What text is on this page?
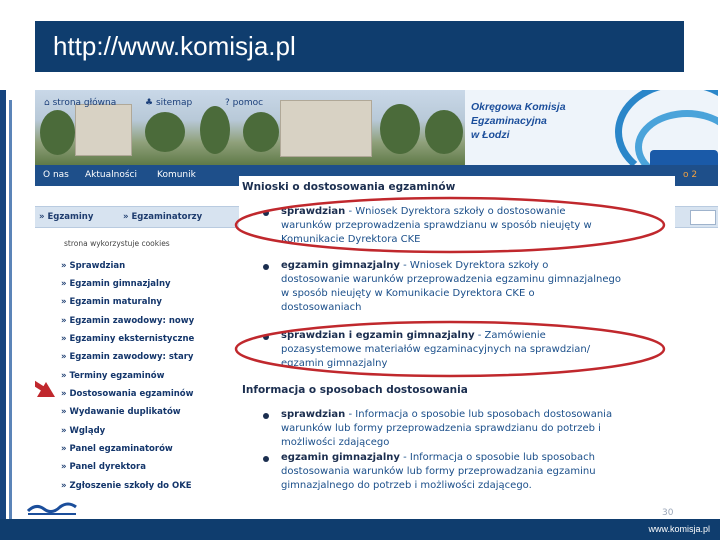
http://www.komisja.pl
⌂ strona główna	♣ sitemap	? pomoc	Okręgowa Komisja
Egzaminacyjna
w Łodzi
O nas Aktualności Komunik	o 2
» Egzaminy	» Egzaminatorzy
strona wykorzystuje cookies
» Sprawdzian
» Egzamin gimnazjalny
» Egzamin maturalny
» Egzamin zawodowy: nowy
» Egzaminy eksternistyczne
» Egzamin zawodowy: stary
» Terminy egzaminów
» Dostosowania egzaminów
» Wydawanie duplikatów
» Wglądy
» Panel egzaminatorów
» Panel dyrektora
» Zgłoszenie szkoły do OKE
Wnioski o dostosowania egzaminów
sprawdzian - Wniosek Dyrektora szkoły o dostosowanie
warunków przeprowadzenia sprawdzianu w sposób nieujęty w
Komunikacie Dyrektora CKE
egzamin gimnazjalny - Wniosek Dyrektora szkoły o
dostosowanie warunków przeprowadzenia egzaminu gimnazjalnego
w sposób nieujęty w Komunikacie Dyrektora CKE o
dostosowaniach
sprawdzian i egzamin gimnazjalny - Zamówienie
pozasystemowe materiałów egzaminacyjnych na sprawdzian/
egzamin gimnazjalny
Informacja o sposobach dostosowania
sprawdzian - Informacja o sposobie lub sposobach dostosowania
warunków lub formy przeprowadzenia sprawdzianu do potrzeb i
możliwości zdającego
egzamin gimnazjalny - Informacja o sposobie lub sposobach
dostosowania warunków lub formy przeprowadzania egzaminu
gimnazjalnego do potrzeb i możliwości zdającego.
30
www.komisja.pl
